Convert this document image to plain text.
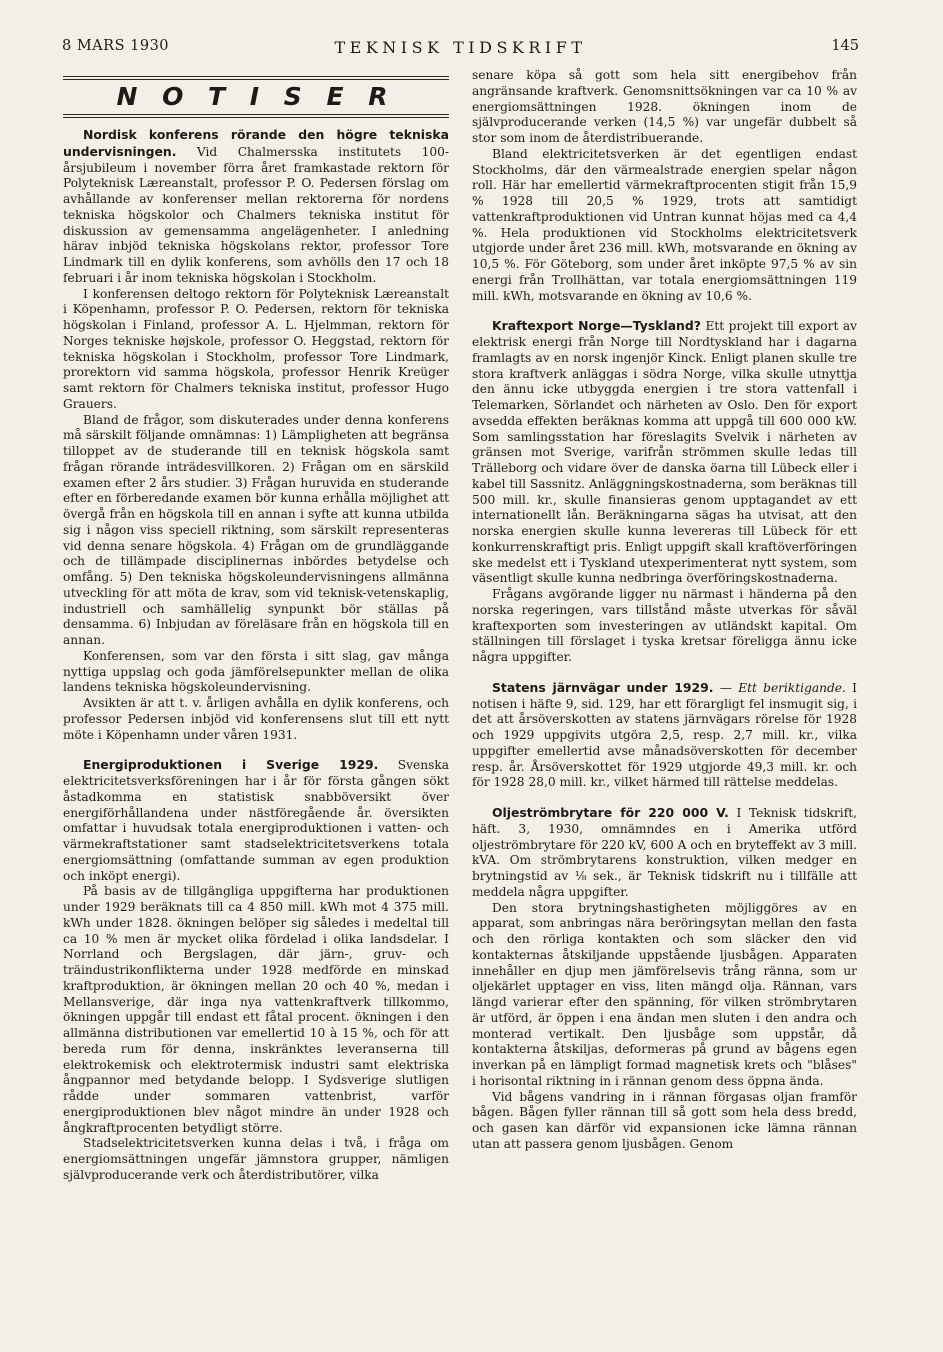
8 MARS 1930	TEKNISK TIDSKRIFT	145
N O T I S E R

Nordisk konferens rörande den högre tekniska undervisningen. Vid Chalmersska institutets 100-årsjubileum i november förra året framkastade rektorn för Polyteknisk Læreanstalt, professor P. O. Pedersen förslag om avhållande av konferenser mellan rektorerna för nordens tekniska högskolor och Chalmers tekniska institut för diskussion av gemensamma angelägenheter. I anledning härav inbjöd tekniska högskolans rektor, professor Tore Lindmark till en dylik konferens, som avhölls den 17 och 18 februari i år inom tekniska högskolan i Stockholm.

I konferensen deltogo rektorn för Polyteknisk Læreanstalt i Köpenhamn, professor P. O. Pedersen, rektorn för tekniska högskolan i Finland, professor A. L. Hjelmman, rektorn för Norges tekniske højskole, professor O. Heggstad, rektorn för tekniska högskolan i Stockholm, professor Tore Lindmark, prorektorn vid samma högskola, professor Henrik Kreüger samt rektorn för Chalmers tekniska institut, professor Hugo Grauers.

Bland de frågor, som diskuterades under denna konferens må särskilt följande omnämnas: 1) Lämpligheten att begränsa tilloppet av de studerande till en teknisk högskola samt frågan rörande inträdesvillkoren. 2) Frågan om en särskild examen efter 2 års studier. 3) Frågan huruvida en studerande efter en förberedande examen bör kunna erhålla möjlighet att övergå från en högskola till en annan i syfte att kunna utbilda sig i någon viss speciell riktning, som särskilt representeras vid denna senare högskola. 4) Frågan om de grundläggande och de tillämpade disciplinernas inbördes betydelse och omfång. 5) Den tekniska högskoleundervisningens allmänna utveckling för att möta de krav, som vid teknisk-vetenskaplig, industriell och samhällelig synpunkt bör ställas på densamma. 6) Inbjudan av föreläsare från en högskola till en annan.

Konferensen, som var den första i sitt slag, gav många nyttiga uppslag och goda jämförelsepunkter mellan de olika landens tekniska högskoleundervisning.

Avsikten är att t. v. årligen avhålla en dylik konferens, och professor Pedersen inbjöd vid konferensens slut till ett nytt möte i Köpenhamn under våren 1931.

Energiproduktionen i Sverige 1929. Svenska elektricitetsverksföreningen har i år för första gången sökt åstadkomma en statistisk snabböversikt över energiförhållandena under nästföregående år. översikten omfattar i huvudsak totala energiproduktionen i vatten- och värmekraftstationer samt stadselektricitetsverkens totala energiomsättning (omfattande summan av egen produktion och inköpt energi).

På basis av de tillgängliga uppgifterna har produktionen under 1929 beräknats till ca 4 850 mill. kWh mot 4 375 mill. kWh under 1828. ökningen belöper sig således i medeltal till ca 10 % men är mycket olika fördelad i olika landsdelar. I Norrland och Bergslagen, där järn-, gruv- och träindustrikonflikterna under 1928 medförde en minskad kraftproduktion, är ökningen mellan 20 och 40 %, medan i Mellansverige, där inga nya vattenkraftverk tillkommo, ökningen uppgår till endast ett fåtal procent. ökningen i den allmänna distributionen var emellertid 10 à 15 %, och för att bereda rum för denna, inskränktes leveranserna till elektrokemisk och elektrotermisk industri samt elektriska ångpannor med betydande belopp. I Sydsverige slutligen rådde under sommaren vattenbrist, varför energiproduktionen blev något mindre än under 1928 och ångkraftprocenten betydligt större.

Stadselektricitetsverken kunna delas i två, i fråga om energiomsättningen ungefär jämnstora grupper, nämligen självproducerande verk och återdistributörer, vilka

senare köpa så gott som hela sitt energibehov från angränsande kraftverk. Genomsnittsökningen var ca 10 % av energiomsättningen 1928. ökningen inom de självproducerande verken (14,5 %) var ungefär dubbelt så stor som inom de återdistribuerande.

Bland elektricitetsverken är det egentligen endast Stockholms, där den värmealstrade energien spelar någon roll. Här har emellertid värmekraftprocenten stigit från 15,9 % 1928 till 20,5 % 1929, trots att samtidigt vattenkraftproduktionen vid Untran kunnat höjas med ca 4,4 %. Hela produktionen vid Stockholms elektricitetsverk utgjorde under året 236 mill. kWh, motsvarande en ökning av 10,5 %. För Göteborg, som under året inköpte 97,5 % av sin energi från Trollhättan, var totala energiomsättningen 119 mill. kWh, motsvarande en ökning av 10,6 %.

Kraftexport Norge—Tyskland? Ett projekt till export av elektrisk energi från Norge till Nordtyskland har i dagarna framlagts av en norsk ingenjör Kinck. Enligt planen skulle tre stora kraftverk anläggas i södra Norge, vilka skulle utnyttja den ännu icke utbyggda energien i tre stora vattenfall i Telemarken, Sörlandet och närheten av Oslo. Den för export avsedda effekten beräknas komma att uppgå till 600 000 kW. Som samlingsstation har föreslagits Svelvik i närheten av gränsen mot Sverige, varifrån strömmen skulle ledas till Trälleborg och vidare över de danska öarna till Lübeck eller i kabel till Sassnitz. Anläggningskostnaderna, som beräknas till 500 mill. kr., skulle finansieras genom upptagandet av ett internationellt lån. Beräkningarna sägas ha utvisat, att den norska energien skulle kunna levereras till Lübeck för ett konkurrenskraftigt pris. Enligt uppgift skall kraftöverföringen ske medelst ett i Tyskland utexperimenterat nytt system, som väsentligt skulle kunna nedbringa överföringskostnaderna.

Frågans avgörande ligger nu närmast i händerna på den norska regeringen, vars tillstånd måste utverkas för såväl kraftexporten som investeringen av utländskt kapital. Om ställningen till förslaget i tyska kretsar föreligga ännu icke några uppgifter.

Statens järnvägar under 1929. — Ett beriktigande. I notisen i häfte 9, sid. 129, har ett förargligt fel insmugit sig, i det att årsöverskotten av statens järnvägars rörelse för 1928 och 1929 uppgivits utgöra 2,5, resp. 2,7 mill. kr., vilka uppgifter emellertid avse månadsöverskotten för december resp. år. Årsöverskottet för 1929 utgjorde 49,3 mill. kr. och för 1928 28,0 mill. kr., vilket härmed till rättelse meddelas.

Oljeströmbrytare för 220 000 V. I Teknisk tidskrift, häft. 3, 1930, omnämndes en i Amerika utförd oljeströmbrytare för 220 kV, 600 A och en bryteffekt av 3 mill. kVA. Om strömbrytarens konstruktion, vilken medger en brytningstid av ⅛ sek., är Teknisk tidskrift nu i tillfälle att meddela några uppgifter.

Den stora brytningshastigheten möjliggöres av en apparat, som anbringas nära beröringsytan mellan den fasta och den rörliga kontakten och som släcker den vid kontakternas åtskiljande uppstående ljusbågen. Apparaten innehåller en djup men jämförelsevis trång ränna, som ur oljekärlet upptager en viss, liten mängd olja. Rännan, vars längd varierar efter den spänning, för vilken strömbrytaren är utförd, är öppen i ena ändan men sluten i den andra och monterad vertikalt. Den ljusbåge som uppstår, då kontakterna åtskiljas, deformeras på grund av bågens egen inverkan på en lämpligt formad magnetisk krets och "blåses" i horisontal riktning in i rännan genom dess öppna ända.

Vid bågens vandring in i rännan förgasas oljan framför bågen. Bågen fyller rännan till så gott som hela dess bredd, och gasen kan därför vid expansionen icke lämna rännan utan att passera genom ljusbågen. Genom
